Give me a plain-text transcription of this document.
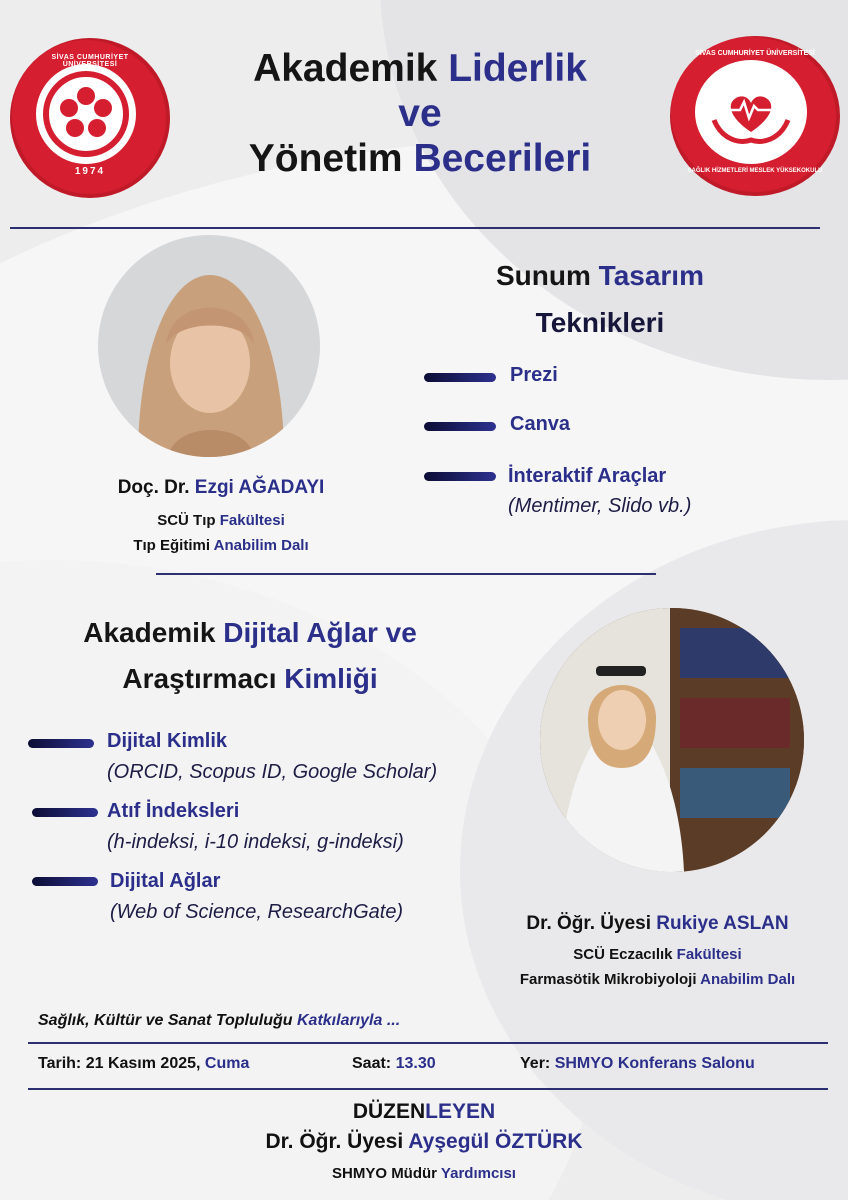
SİVAS CUMHURİYET ÜNİVERSİTESİ
1974
SİVAS CUMHURİYET ÜNİVERSİTESİ
SAĞLIK HİZMETLERİ MESLEK YÜKSEKOKULU
Akademik Liderlik
ve
Yönetim Becerileri
Sunum Tasarım
Teknikleri
Prezi
Canva
İnteraktif Araçlar
(Mentimer, Slido vb.)
Doç. Dr. Ezgi AĞADAYI
SCÜ Tıp Fakültesi
Tıp Eğitimi Anabilim Dalı
Akademik Dijital Ağlar ve
Araştırmacı Kimliği
Dijital Kimlik
(ORCID, Scopus ID, Google Scholar)
Atıf İndeksleri
(h-indeksi, i-10 indeksi, g-indeksi)
Dijital Ağlar
(Web of Science, ResearchGate)
Dr. Öğr. Üyesi Rukiye ASLAN
SCÜ Eczacılık Fakültesi
Farmasötik Mikrobiyoloji Anabilim Dalı
Sağlık, Kültür ve Sanat Topluluğu Katkılarıyla ...
Tarih: 21 Kasım 2025, Cuma	Saat: 13.30	Yer: SHMYO Konferans Salonu
DÜZENLEYEN
Dr. Öğr. Üyesi Ayşegül ÖZTÜRK
SHMYO Müdür Yardımcısı
